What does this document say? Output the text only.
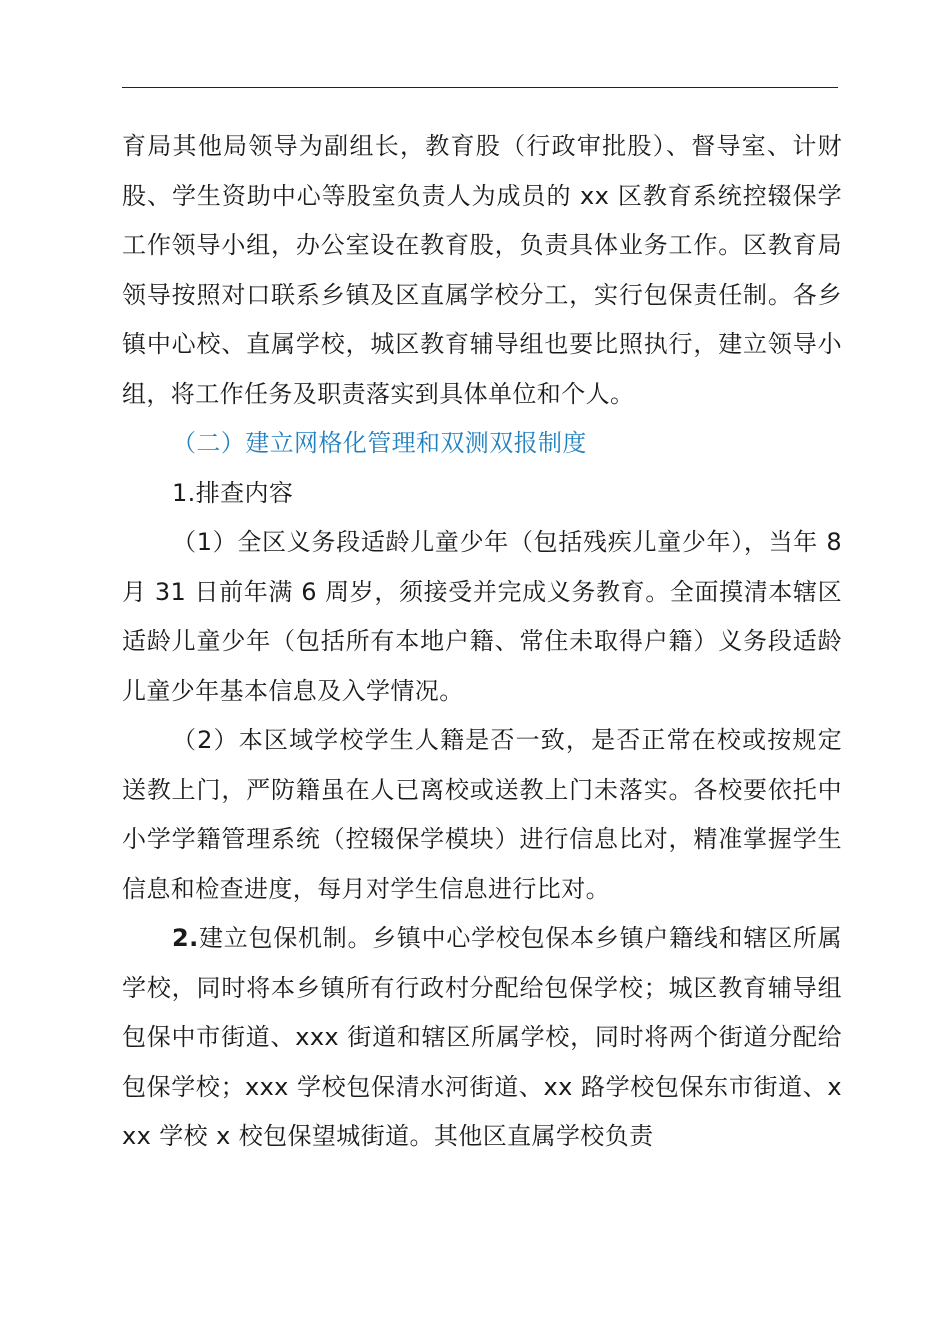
育局其他局领导为副组长，教育股（行政审批股）、督导室、计财股、学生资助中心等股室负责人为成员的 xx 区教育系统控辍保学工作领导小组，办公室设在教育股，负责具体业务工作。区教育局领导按照对口联系乡镇及区直属学校分工，实行包保责任制。各乡镇中心校、直属学校，城区教育辅导组也要比照执行，建立领导小组，将工作任务及职责落实到具体单位和个人。

（二）建立网格化管理和双测双报制度

1.排查内容

（1）全区义务段适龄儿童少年（包括残疾儿童少年），当年 8 月 31 日前年满 6 周岁，须接受并完成义务教育。全面摸清本辖区适龄儿童少年（包括所有本地户籍、常住未取得户籍）义务段适龄儿童少年基本信息及入学情况。

（2）本区域学校学生人籍是否一致，是否正常在校或按规定送教上门，严防籍虽在人已离校或送教上门未落实。各校要依托中小学学籍管理系统（控辍保学模块）进行信息比对，精准掌握学生信息和检查进度，每月对学生信息进行比对。

2.建立包保机制。乡镇中心学校包保本乡镇户籍线和辖区所属学校，同时将本乡镇所有行政村分配给包保学校；城区教育辅导组包保中市街道、xxx 街道和辖区所属学校，同时将两个街道分配给包保学校；xxx 学校包保清水河街道、xx 路学校包保东市街道、xxx 学校 x 校包保望城街道。其他区直属学校负责
